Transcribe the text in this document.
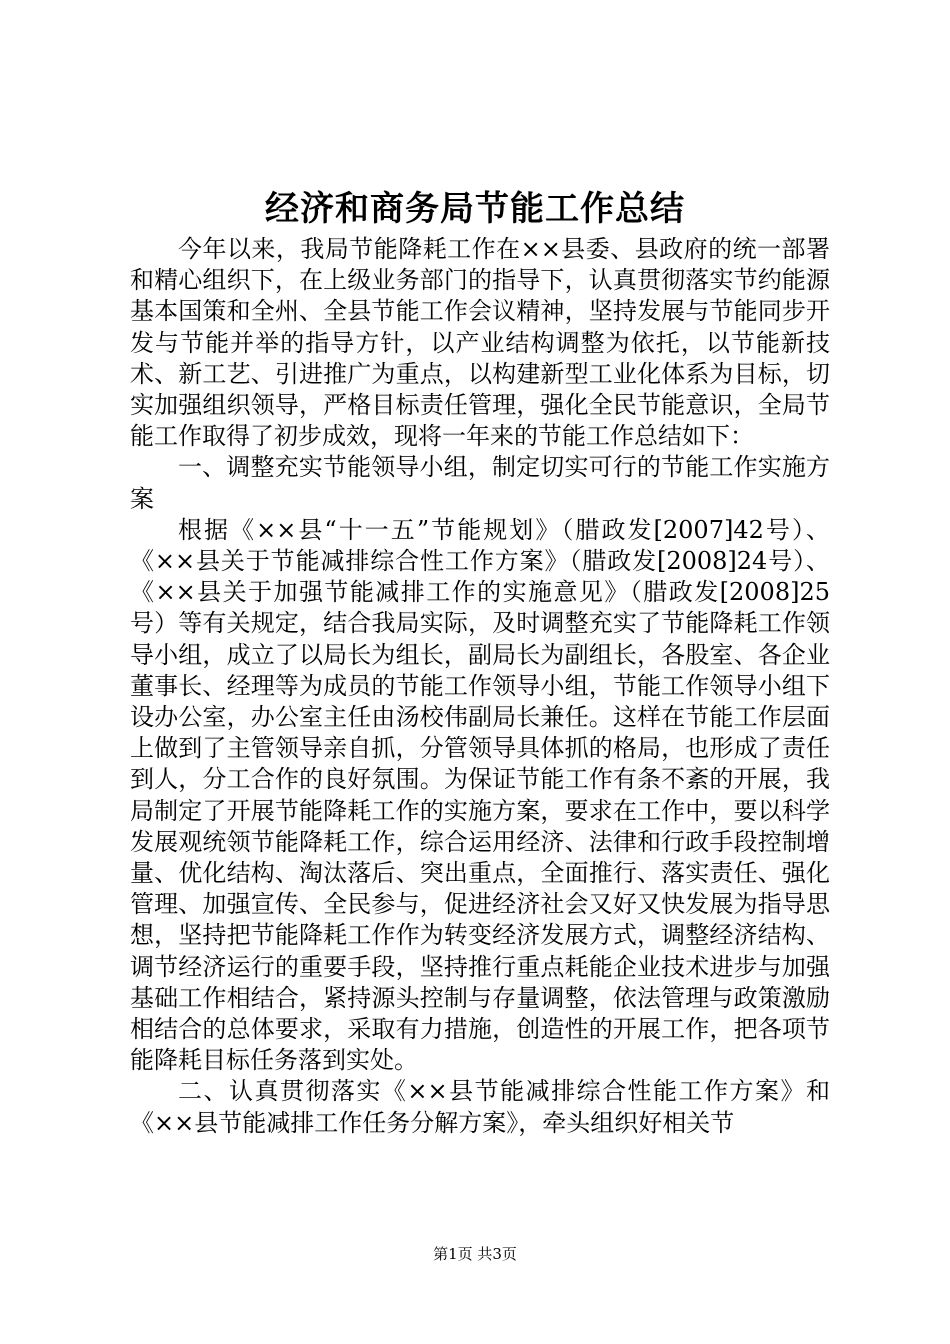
经济和商务局节能工作总结

今年以来，我局节能降耗工作在××县委、县政府的统一部署和精心组织下，在上级业务部门的指导下，认真贯彻落实节约能源基本国策和全州、全县节能工作会议精神，坚持发展与节能同步开发与节能并举的指导方针，以产业结构调整为依托，以节能新技术、新工艺、引进推广为重点，以构建新型工业化体系为目标，切实加强组织领导，严格目标责任管理，强化全民节能意识，全局节能工作取得了初步成效，现将一年来的节能工作总结如下：

一、调整充实节能领导小组，制定切实可行的节能工作实施方案

根据《××县“十一五”节能规划》（腊政发[2007]42号）、《××县关于节能减排综合性工作方案》（腊政发[2008]24号）、《××县关于加强节能减排工作的实施意见》（腊政发[2008]25号）等有关规定，结合我局实际，及时调整充实了节能降耗工作领导小组，成立了以局长为组长，副局长为副组长，各股室、各企业董事长、经理等为成员的节能工作领导小组，节能工作领导小组下设办公室，办公室主任由汤校伟副局长兼任。这样在节能工作层面上做到了主管领导亲自抓，分管领导具体抓的格局，也形成了责任到人，分工合作的良好氛围。为保证节能工作有条不紊的开展，我局制定了开展节能降耗工作的实施方案，要求在工作中，要以科学发展观统领节能降耗工作，综合运用经济、法律和行政手段控制增量、优化结构、淘汰落后、突出重点，全面推行、落实责任、强化管理、加强宣传、全民参与，促进经济社会又好又快发展为指导思想，坚持把节能降耗工作作为转变经济发展方式，调整经济结构、调节经济运行的重要手段，坚持推行重点耗能企业技术进步与加强基础工作相结合，紧持源头控制与存量调整，依法管理与政策激励相结合的总体要求，采取有力措施，创造性的开展工作，把各项节能降耗目标任务落到实处。

二、认真贯彻落实《××县节能减排综合性能工作方案》和《××县节能减排工作任务分解方案》，牵头组织好相关节

第1页 共3页
